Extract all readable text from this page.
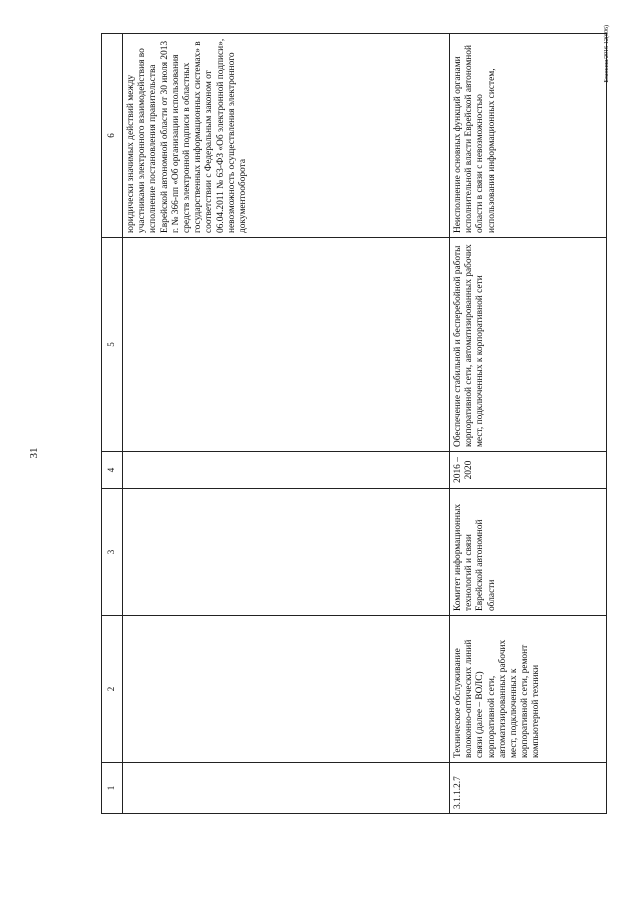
31
1	2	3	4	5	6
					юридически значимых действий между участниками электронного взаимодействия во исполнение постановления правительства Еврейской автономной области от 30 июля 2013 г. № 366-пп «Об организации использования средств электронной подписи в областных государственных информационных системах» в соответствии с Федеральным законом от 06.04.2011 № 63-ФЗ «Об электронной подписи», невозможность осуществления электронного документооборота
3.1.1.2.7	Техническое обслуживание волоконно-оптических линий связи (далее – ВОЛС) корпоративной сети, автоматизированных рабочих мест, подключенных к корпоративной сети, ремонт компьютерной техники	Комитет информационных технологий и связи Еврейской автономной области	2016 – 2020	Обеспечение стабильной и бесперебойной работы корпоративной сети, автоматизированных рабочих мест, подключенных к корпоративной сети	Неисполнение основных функций органами исполнительной власти Еврейской автономной области в связи с невозможностью использования информационных систем,
Бланкиш/2016-12(606)
